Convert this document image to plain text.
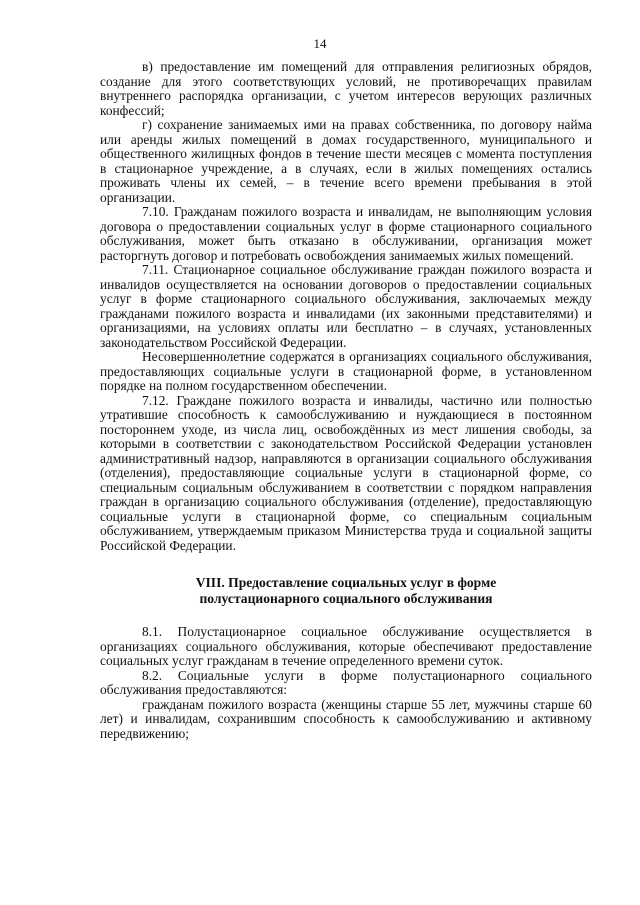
14

в) предоставление им помещений для отправления религиозных обрядов, создание для этого соответствующих условий, не противоречащих правилам внутреннего распорядка организации, с учетом интересов верующих различных конфессий;

г) сохранение занимаемых ими на правах собственника, по договору найма или аренды жилых помещений в домах государственного, муниципального и общественного жилищных фондов в течение шести месяцев с момента поступления в стационарное учреждение, а в случаях, если в жилых помещениях остались проживать члены их семей, – в течение всего времени пребывания в этой организации.

7.10. Гражданам пожилого возраста и инвалидам, не выполняющим условия договора о предоставлении социальных услуг в форме стационарного социального обслуживания, может быть отказано в обслуживании, организация может расторгнуть договор и потребовать освобождения занимаемых жилых помещений.

7.11. Стационарное социальное обслуживание граждан пожилого возраста и инвалидов осуществляется на основании договоров о предоставлении социальных услуг в форме стационарного социального обслуживания, заключаемых между гражданами пожилого возраста и инвалидами (их законными представителями) и организациями, на условиях оплаты или бесплатно – в случаях, установленных законодательством Российской Федерации.

Несовершеннолетние содержатся в организациях социального обслуживания, предоставляющих социальные услуги в стационарной форме, в установленном порядке на полном государственном обеспечении.

7.12. Граждане пожилого возраста и инвалиды, частично или полностью утратившие способность к самообслуживанию и нуждающиеся в постоянном постороннем уходе, из числа лиц, освобождённых из мест лишения свободы, за которыми в соответствии с законодательством Российской Федерации установлен административный надзор, направляются в организации социального обслуживания (отделения), предоставляющие социальные услуги в стационарной форме, со специальным социальным обслуживанием в соответствии с порядком направления граждан в организацию социального обслуживания (отделение), предоставляющую социальные услуги в стационарной форме, со специальным социальным обслуживанием, утверждаемым приказом Министерства труда и социальной защиты Российской Федерации.

VIII. Предоставление социальных услуг в форме
полустационарного социального обслуживания

8.1. Полустационарное социальное обслуживание осуществляется в организациях социального обслуживания, которые обеспечивают предоставление социальных услуг гражданам в течение определенного времени суток.

8.2. Социальные услуги в форме полустационарного социального обслуживания предоставляются:

гражданам пожилого возраста (женщины старше 55 лет, мужчины старше 60 лет) и инвалидам, сохранившим способность к самообслуживанию и активному передвижению;
